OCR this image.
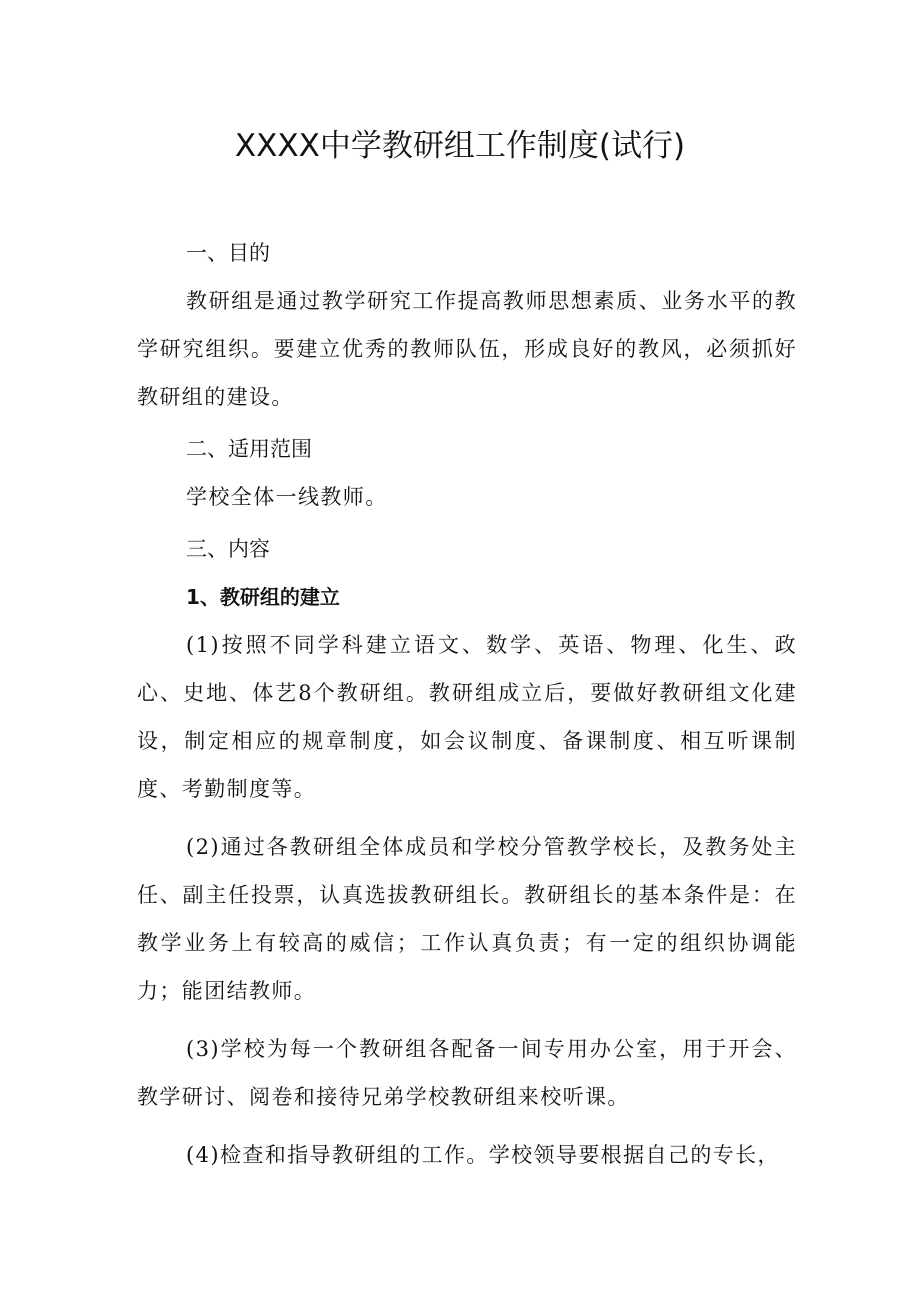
XXXX中学教研组工作制度(试行)
一、目的

教研组是通过教学研究工作提高教师思想素质、业务水平的教学研究组织。要建立优秀的教师队伍，形成良好的教风，必须抓好教研组的建设。

二、适用范围

学校全体一线教师。

三、内容
1、教研组的建立

(1)按照不同学科建立语文、数学、英语、物理、化生、政心、史地、体艺8个教研组。教研组成立后，要做好教研组文化建设，制定相应的规章制度，如会议制度、备课制度、相互听课制度、考勤制度等。

(2)通过各教研组全体成员和学校分管教学校长，及教务处主任、副主任投票，认真选拔教研组长。教研组长的基本条件是：在教学业务上有较高的威信；工作认真负责；有一定的组织协调能力；能团结教师。

(3)学校为每一个教研组各配备一间专用办公室，用于开会、教学研讨、阅卷和接待兄弟学校教研组来校听课。

(4)检查和指导教研组的工作。学校领导要根据自己的专长，
